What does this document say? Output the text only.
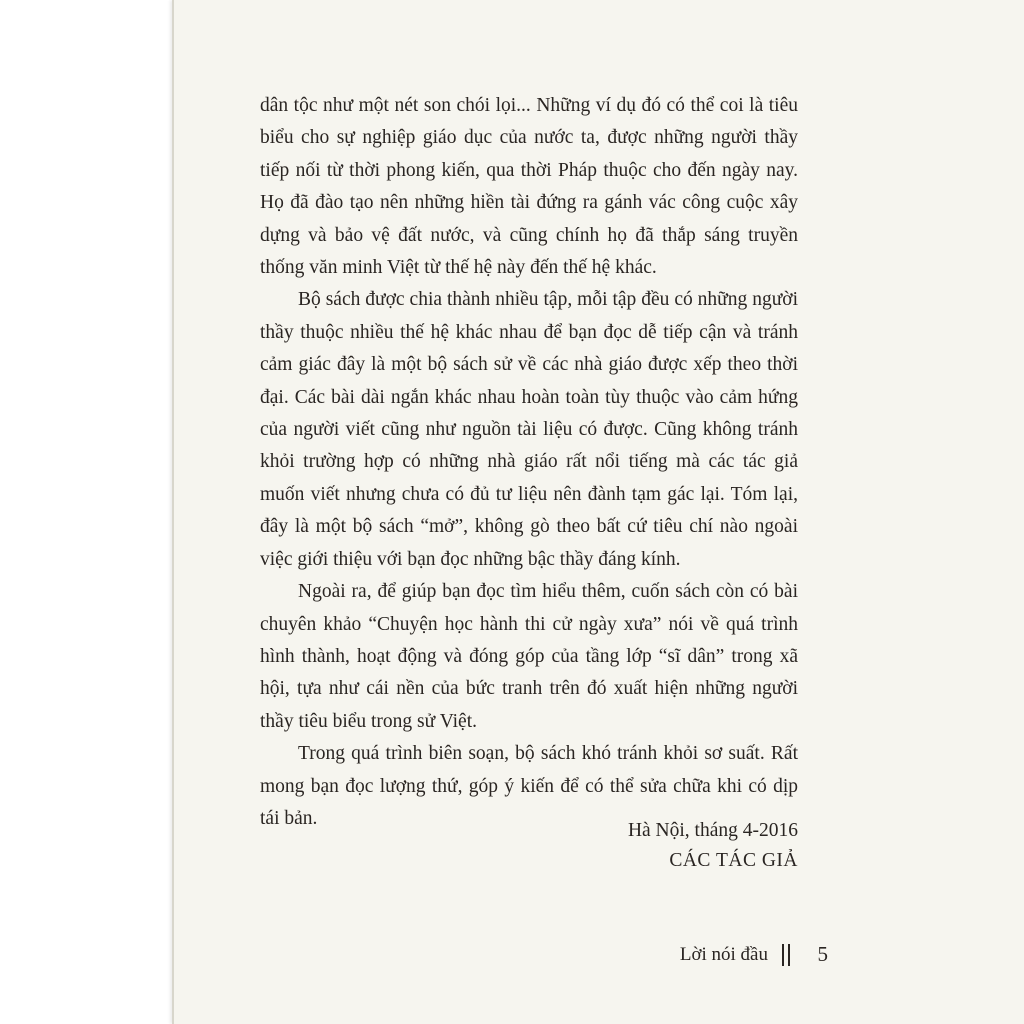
dân tộc như một nét son chói lọi... Những ví dụ đó có thể coi là tiêu biểu cho sự nghiệp giáo dục của nước ta, được những người thầy tiếp nối từ thời phong kiến, qua thời Pháp thuộc cho đến ngày nay. Họ đã đào tạo nên những hiền tài đứng ra gánh vác công cuộc xây dựng và bảo vệ đất nước, và cũng chính họ đã thắp sáng truyền thống văn minh Việt từ thế hệ này đến thế hệ khác.

Bộ sách được chia thành nhiều tập, mỗi tập đều có những người thầy thuộc nhiều thế hệ khác nhau để bạn đọc dễ tiếp cận và tránh cảm giác đây là một bộ sách sử về các nhà giáo được xếp theo thời đại. Các bài dài ngắn khác nhau hoàn toàn tùy thuộc vào cảm hứng của người viết cũng như nguồn tài liệu có được. Cũng không tránh khỏi trường hợp có những nhà giáo rất nổi tiếng mà các tác giả muốn viết nhưng chưa có đủ tư liệu nên đành tạm gác lại. Tóm lại, đây là một bộ sách “mở”, không gò theo bất cứ tiêu chí nào ngoài việc giới thiệu với bạn đọc những bậc thầy đáng kính.

Ngoài ra, để giúp bạn đọc tìm hiểu thêm, cuốn sách còn có bài chuyên khảo “Chuyện học hành thi cử ngày xưa” nói về quá trình hình thành, hoạt động và đóng góp của tầng lớp “sĩ dân” trong xã hội, tựa như cái nền của bức tranh trên đó xuất hiện những người thầy tiêu biểu trong sử Việt.

Trong quá trình biên soạn, bộ sách khó tránh khỏi sơ suất. Rất mong bạn đọc lượng thứ, góp ý kiến để có thể sửa chữa khi có dịp tái bản.

Hà Nội, tháng 4-2016
CÁC TÁC GIẢ
Lời nói đầu 5
